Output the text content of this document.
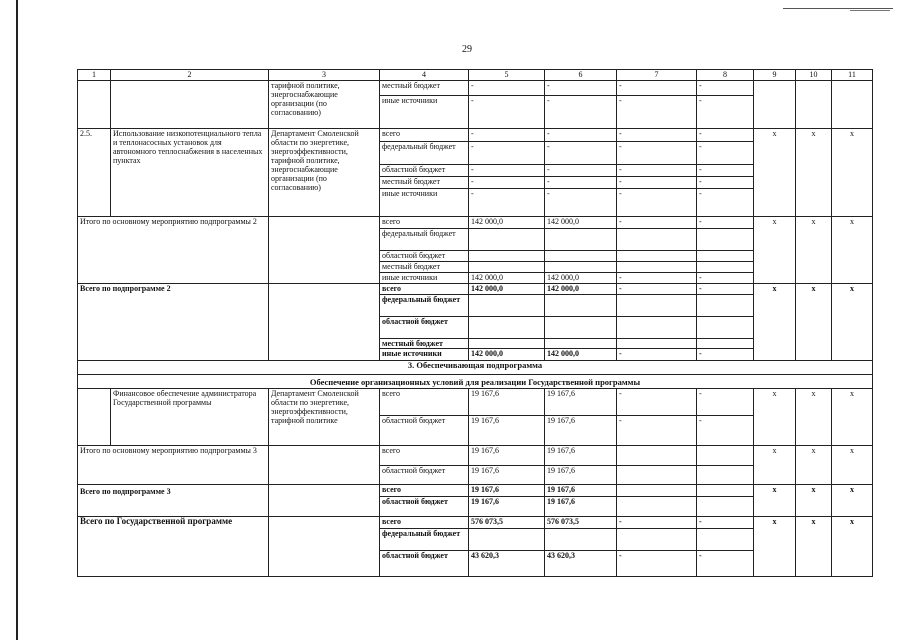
29
1	2	3	4	5	6	7	8	9	10	11
		тарифной политике, энергоснабжающие организации (по согласованию)	местный бюджет	-	-	-	-			
			иные источники	-	-	-	-			
2.5.	Использование низкопотенциального тепла и теплонасосных установок для автономного теплоснабжения в населенных пунктах	Департамент Смоленской области по энергетике, энергоэффективности, тарифной политике, энергоснабжающие организации (по согласованию)	всего	-	-	-	-	х	х	х
			федеральный бюджет	-	-	-	-			
			областной бюджет	-	-	-	-			
			местный бюджет	-	-	-	-			
			иные источники	-	-	-	-			
Итого по основному мероприятию подпрограммы 2			всего	142 000,0	142 000,0	-	-	х	х	х
			федеральный бюджет							
			областной бюджет							
			местный бюджет							
			иные источники	142 000,0	142 000,0	-	-			
Всего по подпрограмме 2			всего	142 000,0	142 000,0	-	-	х	х	х
			федеральный бюджет							
			областной бюджет							
			местный бюджет							
			иные источники	142 000,0	142 000,0	-	-			
3. Обеспечивающая подпрограмма										
Обеспечение организационных условий для реализации Государственной программы										
	Финансовое обеспечение администратора Государственной программы	Департамент Смоленской области по энергетике, энергоэффективности, тарифной политике	всего	19 167,6	19 167,6	-	-	х	х	х
			областной бюджет	19 167,6	19 167,6	-	-			
Итого по основному мероприятию подпрограммы 3			всего	19 167,6	19 167,6			х	х	х
			областной бюджет	19 167,6	19 167,6					
Всего по подпрограмме 3			всего	19 167,6	19 167,6			х	х	х
			областной бюджет	19 167,6	19 167,6					
Всего по Государственной программе			всего	576 073,5	576 073,5	-	-	х	х	х
			федеральный бюджет							
			областной бюджет	43 620,3	43 620,3	-	-			
